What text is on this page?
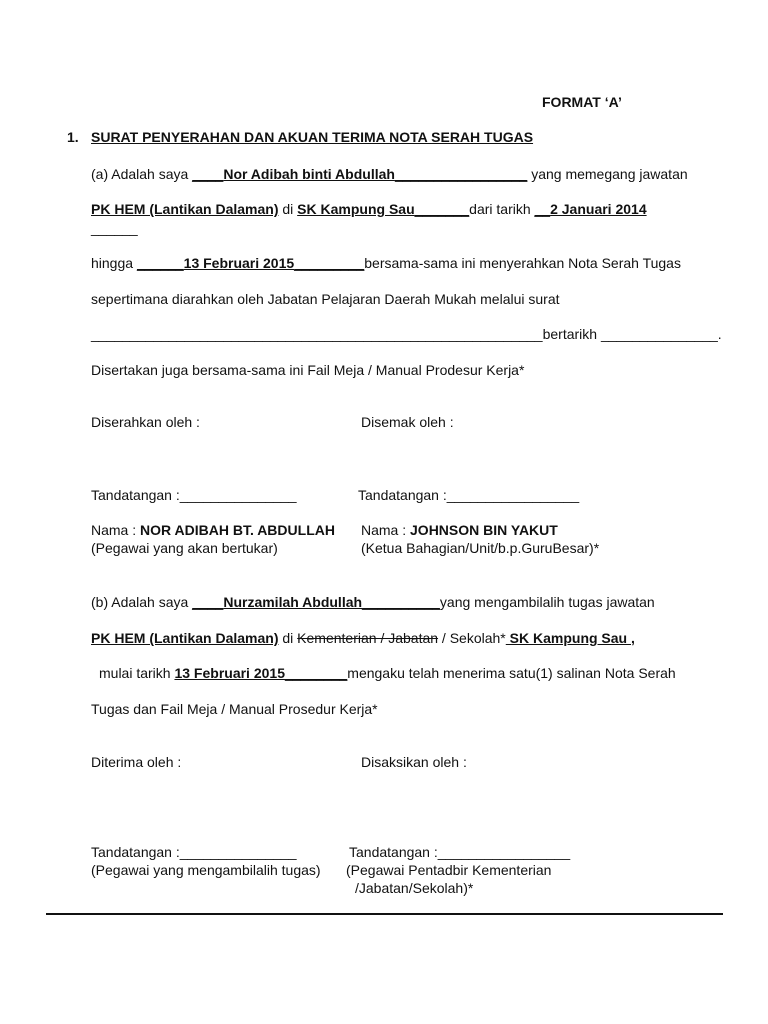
FORMAT ‘A’
1. SURAT PENYERAHAN DAN AKUAN TERIMA NOTA SERAH TUGAS
(a) Adalah saya ____Nor Adibah binti Abdullah_________________ yang memegang jawatan
PK HEM (Lantikan Dalaman) di SK Kampung Sau_______dari tarikh __2 Januari 2014
______
hingga ______13 Februari 2015_________bersama-sama ini menyerahkan Nota Serah Tugas
sepertimana diarahkan oleh Jabatan Pelajaran Daerah Mukah melalui surat
__________________________________________________________bertarikh _______________.
Disertakan juga bersama-sama ini Fail Meja / Manual Prodesur Kerja*
Diserahkan oleh :	Disemak oleh :
Tandatangan :_______________	Tandatangan :_________________
Nama : NOR ADIBAH BT. ABDULLAH Nama : JOHNSON BIN YAKUT
(Pegawai yang akan bertukar)	(Ketua Bahagian/Unit/b.p.GuruBesar)*
(b) Adalah saya ____Nurzamilah Abdullah__________yang mengambilalih tugas jawatan
PK HEM (Lantikan Dalaman) di Kementerian / Jabatan / Sekolah* SK Kampung Sau ,
mulai tarikh 13 Februari 2015________mengaku telah menerima satu(1) salinan Nota Serah
Tugas dan Fail Meja / Manual Prosedur Kerja*
Diterima oleh :	Disaksikan oleh :
Tandatangan :_______________	Tandatangan :_________________
(Pegawai yang mengambilalih tugas) (Pegawai Pentadbir Kementerian
/Jabatan/Sekolah)*
